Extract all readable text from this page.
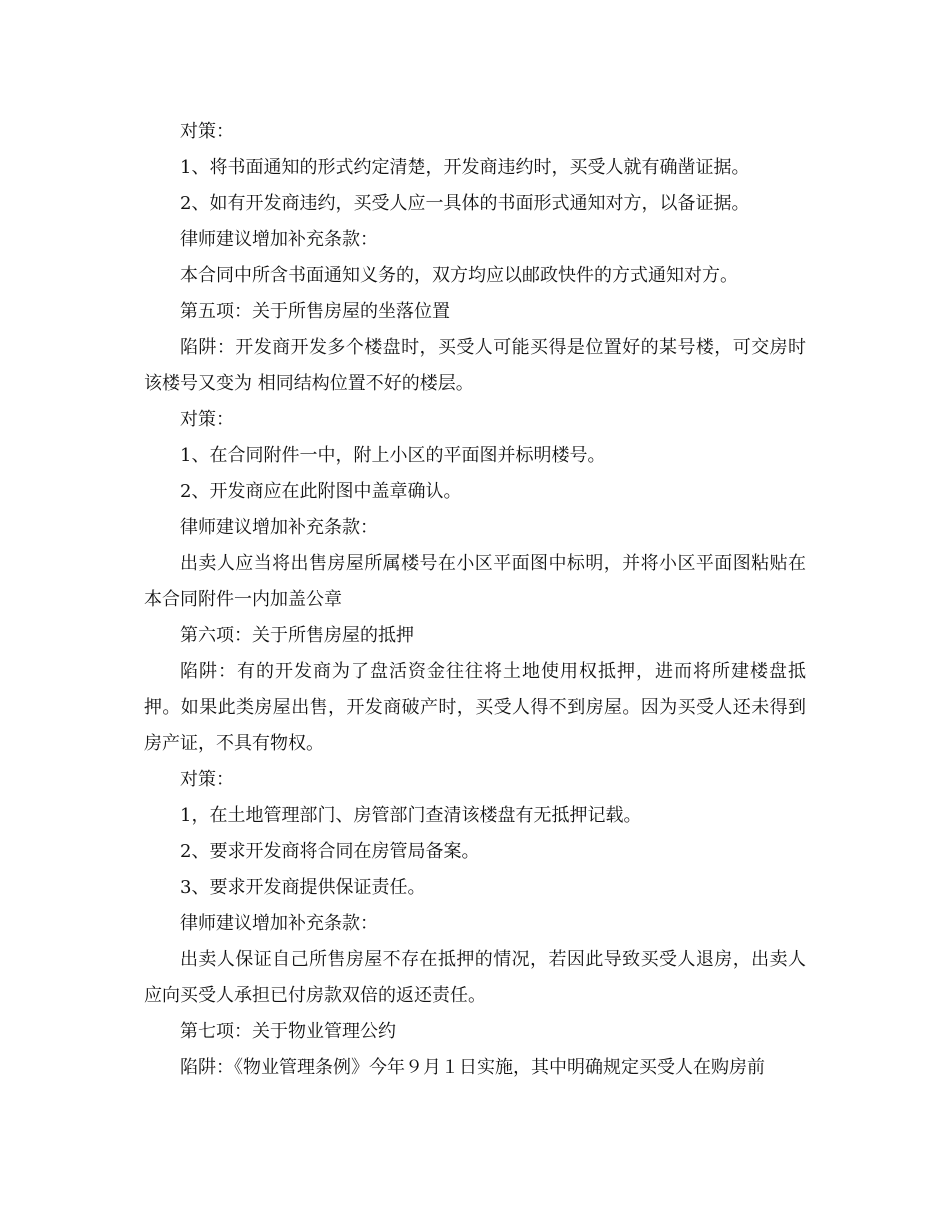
对策：

1、将书面通知的形式约定清楚，开发商违约时，买受人就有确凿证据。

2、如有开发商违约，买受人应一具体的书面形式通知对方，以备证据。

律师建议增加补充条款：

本合同中所含书面通知义务的，双方均应以邮政快件的方式通知对方。

第五项：关于所售房屋的坐落位置

陷阱：开发商开发多个楼盘时，买受人可能买得是位置好的某号楼，可交房时该楼号又变为 相同结构位置不好的楼层。

对策：

1、在合同附件一中，附上小区的平面图并标明楼号。

2、开发商应在此附图中盖章确认。

律师建议增加补充条款：

出卖人应当将出售房屋所属楼号在小区平面图中标明，并将小区平面图粘贴在本合同附件一内加盖公章

第六项：关于所售房屋的抵押

陷阱：有的开发商为了盘活资金往往将土地使用权抵押，进而将所建楼盘抵押。如果此类房屋出售，开发商破产时，买受人得不到房屋。因为买受人还未得到房产证，不具有物权。

对策：

1，在土地管理部门、房管部门查清该楼盘有无抵押记载。

2、要求开发商将合同在房管局备案。

3、要求开发商提供保证责任。

律师建议增加补充条款：

出卖人保证自己所售房屋不存在抵押的情况，若因此导致买受人退房，出卖人应向买受人承担已付房款双倍的返还责任。

第七项：关于物业管理公约

陷阱：《物业管理条例》今年９月１日实施，其中明确规定买受人在购房前
